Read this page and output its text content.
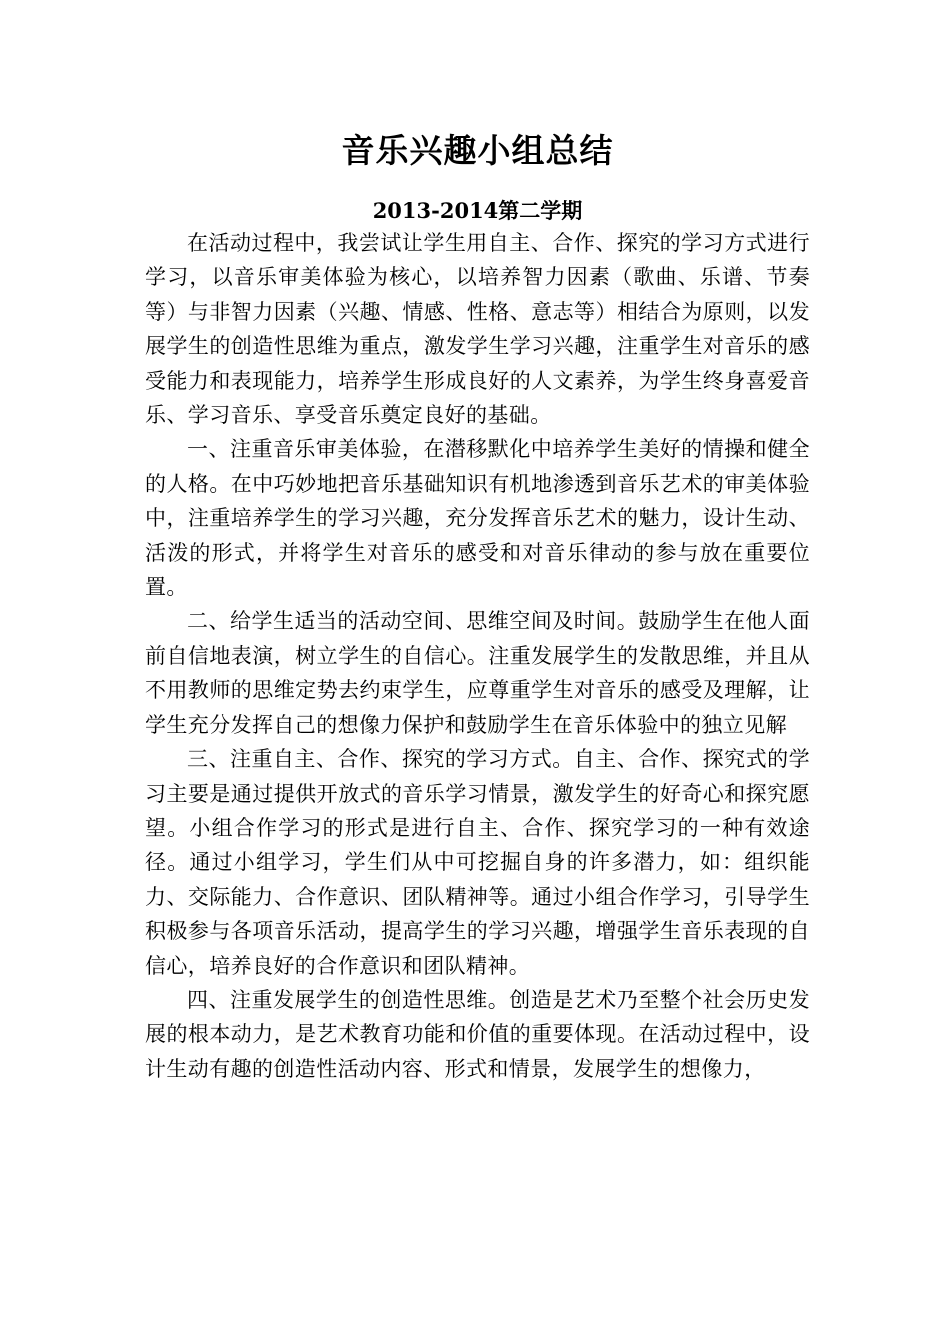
音乐兴趣小组总结
2013-2014第二学期

在活动过程中，我尝试让学生用自主、合作、探究的学习方式进行学习，以音乐审美体验为核心，以培养智力因素（歌曲、乐谱、节奏等）与非智力因素（兴趣、情感、性格、意志等）相结合为原则，以发展学生的创造性思维为重点，激发学生学习兴趣，注重学生对音乐的感受能力和表现能力，培养学生形成良好的人文素养，为学生终身喜爱音乐、学习音乐、享受音乐奠定良好的基础。

一、注重音乐审美体验，在潜移默化中培养学生美好的情操和健全的人格。在中巧妙地把音乐基础知识有机地渗透到音乐艺术的审美体验中，注重培养学生的学习兴趣，充分发挥音乐艺术的魅力，设计生动、活泼的形式，并将学生对音乐的感受和对音乐律动的参与放在重要位置。

二、给学生适当的活动空间、思维空间及时间。鼓励学生在他人面前自信地表演，树立学生的自信心。注重发展学生的发散思维，并且从不用教师的思维定势去约束学生，应尊重学生对音乐的感受及理解，让学生充分发挥自己的想像力保护和鼓励学生在音乐体验中的独立见解

三、注重自主、合作、探究的学习方式。自主、合作、探究式的学习主要是通过提供开放式的音乐学习情景，激发学生的好奇心和探究愿望。小组合作学习的形式是进行自主、合作、探究学习的一种有效途径。通过小组学习，学生们从中可挖掘自身的许多潜力，如：组织能力、交际能力、合作意识、团队精神等。通过小组合作学习，引导学生积极参与各项音乐活动，提高学生的学习兴趣，增强学生音乐表现的自信心，培养良好的合作意识和团队精神。

四、注重发展学生的创造性思维。创造是艺术乃至整个社会历史发展的根本动力，是艺术教育功能和价值的重要体现。在活动过程中，设计生动有趣的创造性活动内容、形式和情景，发展学生的想像力，
